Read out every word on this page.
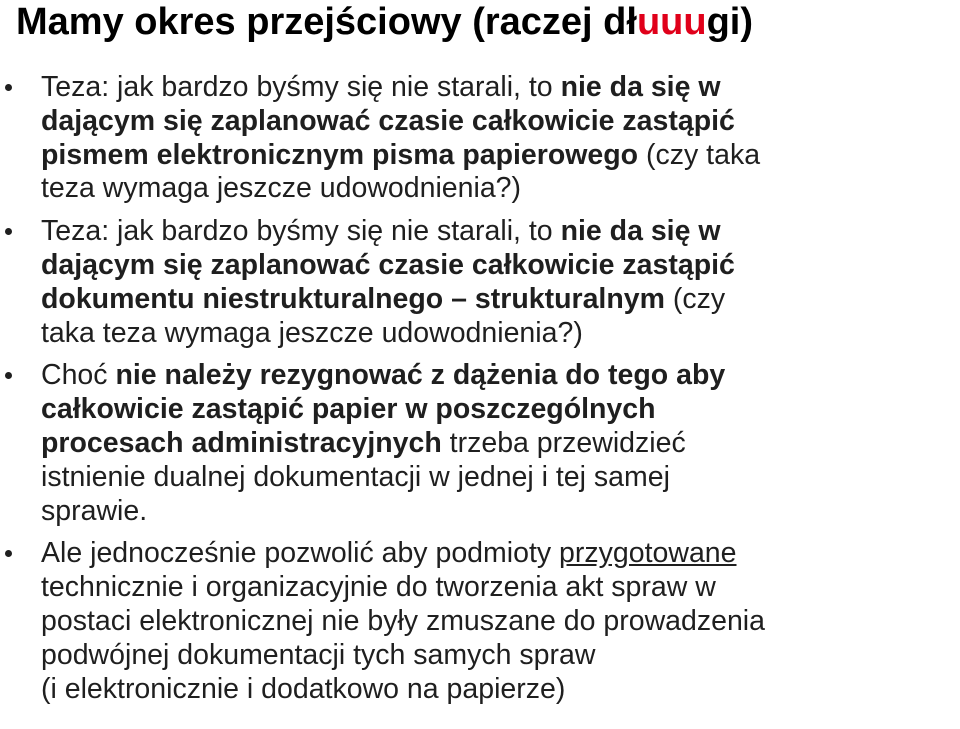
Mamy okres przejściowy (raczej dłuuugi)
Teza: jak bardzo byśmy się nie starali, to nie da się w
dającym się zaplanować czasie całkowicie zastąpić
pismem elektronicznym pisma papierowego (czy taka
teza wymaga jeszcze udowodnienia?)
Teza: jak bardzo byśmy się nie starali, to nie da się w
dającym się zaplanować czasie całkowicie zastąpić
dokumentu niestrukturalnego – strukturalnym (czy
taka teza wymaga jeszcze udowodnienia?)
Choć nie należy rezygnować z dążenia do tego aby
całkowicie zastąpić papier w poszczególnych
procesach administracyjnych trzeba przewidzieć
istnienie dualnej dokumentacji w jednej i tej samej
sprawie.
Ale jednocześnie pozwolić aby podmioty przygotowane
technicznie i organizacyjnie do tworzenia akt spraw w
postaci elektronicznej nie były zmuszane do prowadzenia
podwójnej dokumentacji tych samych spraw
(i elektronicznie i dodatkowo na papierze)
